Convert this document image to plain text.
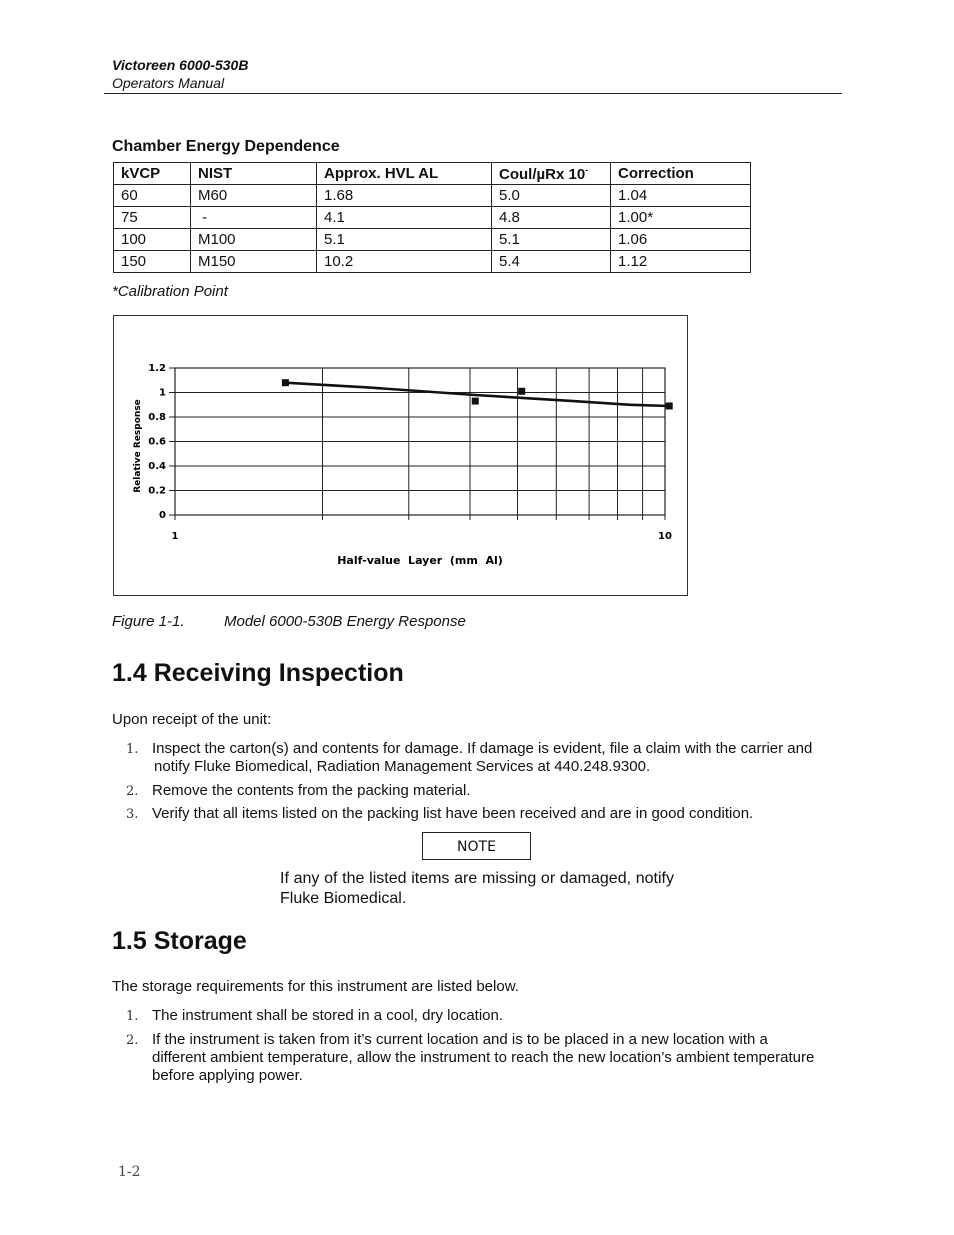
Victoreen 6000-530B
Operators Manual
Chamber Energy Dependence
kVCP	NIST	Approx. HVL AL	Coul/µRx 10-	Correction
60	M60	1.68	5.0	1.04
75	-	4.1	4.8	1.00*
100	M100	5.1	5.1	1.06
150	M150	10.2	5.4	1.12
*Calibration Point
0
0.2
0.4
0.6
0.8
1
1.2
1	10
Relative Response
Half-value  Layer  (mm  Al)
Figure 1-1.	Model 6000-530B Energy Response
1.4 Receiving Inspection
Upon receipt of the unit:
1. Inspect the carton(s) and contents for damage. If damage is evident, file a claim with the carrier and
notify Fluke Biomedical, Radiation Management Services at 440.248.9300.
2. Remove the contents from the packing material.
3. Verify that all items listed on the packing list have been received and are in good condition.
NOTE
If any of the listed items are missing or damaged, notify Fluke Biomedical.
1.5 Storage
The storage requirements for this instrument are listed below.
1. The instrument shall be stored in a cool, dry location.
2. If the instrument is taken from it’s current location and is to be placed in a new location with a
different ambient temperature, allow the instrument to reach the new location’s ambient temperature
before applying power.
1-2
